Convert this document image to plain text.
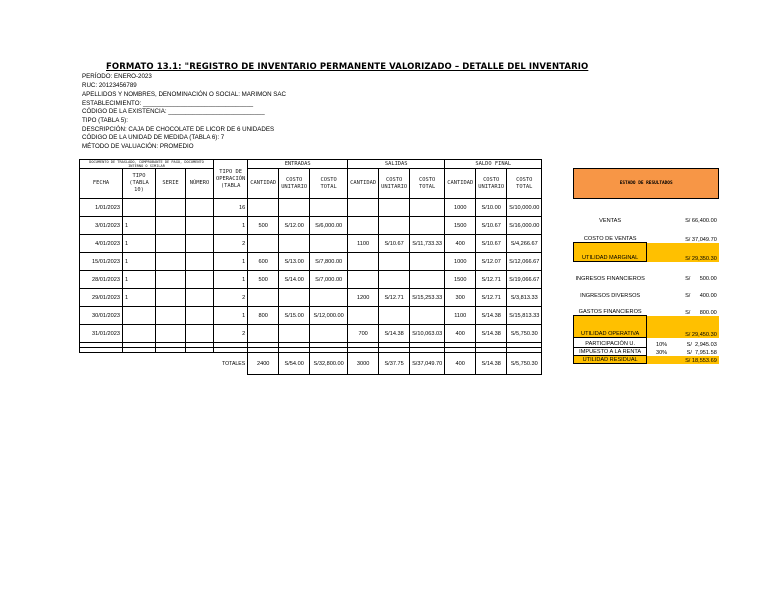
FORMATO 13.1: "REGISTRO DE INVENTARIO PERMANENTE VALORIZADO – DETALLE DEL INVENTARIO
PERÍODO: ENERO-2023
RUC: 20123456789
APELLIDOS Y NOMBRES, DENOMINACIÓN O SOCIAL: MARIMON SAC
ESTABLECIMIENTO: ________________________________
CÓDIGO DE LA EXISTENCIA: ____________________________
TIPO (TABLA 5):
DESCRIPCIÓN: CAJA DE CHOCOLATE DE LICOR DE 6 UNIDADES
CÓDIGO DE LA UNIDAD DE MEDIDA (TABLA 6): 7
MÉTODO DE VALUACIÓN: PROMEDIO
DOCUMENTO DE TRASLADO, COMPROBANTE DE PAGO, DOCUMENTO INTERNO O SIMILAR				TIPO DE OPERACIÓN (TABLA	ENTRADAS			SALIDAS			SALDO FINAL		
FECHA	TIPO (TABLA 10)	SERIE	NÚMERO		CANTIDAD	COSTO UNITARIO	COSTO TOTAL	CANTIDAD	COSTO UNITARIO	COSTO TOTAL	CANTIDAD	COSTO UNITARIO	COSTO TOTAL
1/01/2023				16							1000	S/10.00	S/10,000.00
3/01/2023	1			1	500	S/12.00	S/6,000.00				1500	S/10.67	S/16,000.00
4/01/2023	1			2				1100	S/10.67	S/11,733.33	400	S/10.67	S/4,266.67
15/01/2023	1			1	600	S/13.00	S/7,800.00				1000	S/12.07	S/12,066.67
28/01/2023	1			1	500	S/14.00	S/7,000.00				1500	S/12.71	S/19,066.67
29/01/2023	1			2				1200	S/12.71	S/15,253.33	300	S/12.71	S/3,813.33
30/01/2023				1	800	S/15.00	S/12,000.00				1100	S/14.38	S/15,813.33
31/01/2023				2				700	S/14.38	S/10,063.03	400	S/14.38	S/5,750.30

				TOTALES	2400	S/54.00	S/32,800.00	3000	S/37.75	S/37,049.70	400	S/14.38	S/5,750.30
ESTADO DE RESULTADOS		
VENTAS		S/ 66,400.00
COSTO DE VENTAS		S/ 37,049.70
UTILIDAD MARGINAL		S/ 29,350.30
INGRESOS FINANCIEROS		S/      500.00
INGRESOS DIVERSOS		S/      400.00
GASTOS FINANCIEROS		S/      800.00
UTILIDAD OPERATIVA		S/ 29,450.30
PARTICIPACIÓN U.	10%	S/  2,945.03
IMPUESTO A LA RENTA	30%	S/  7,951.58
UTILIDAD RESIDUAL		S/ 18,553.69
